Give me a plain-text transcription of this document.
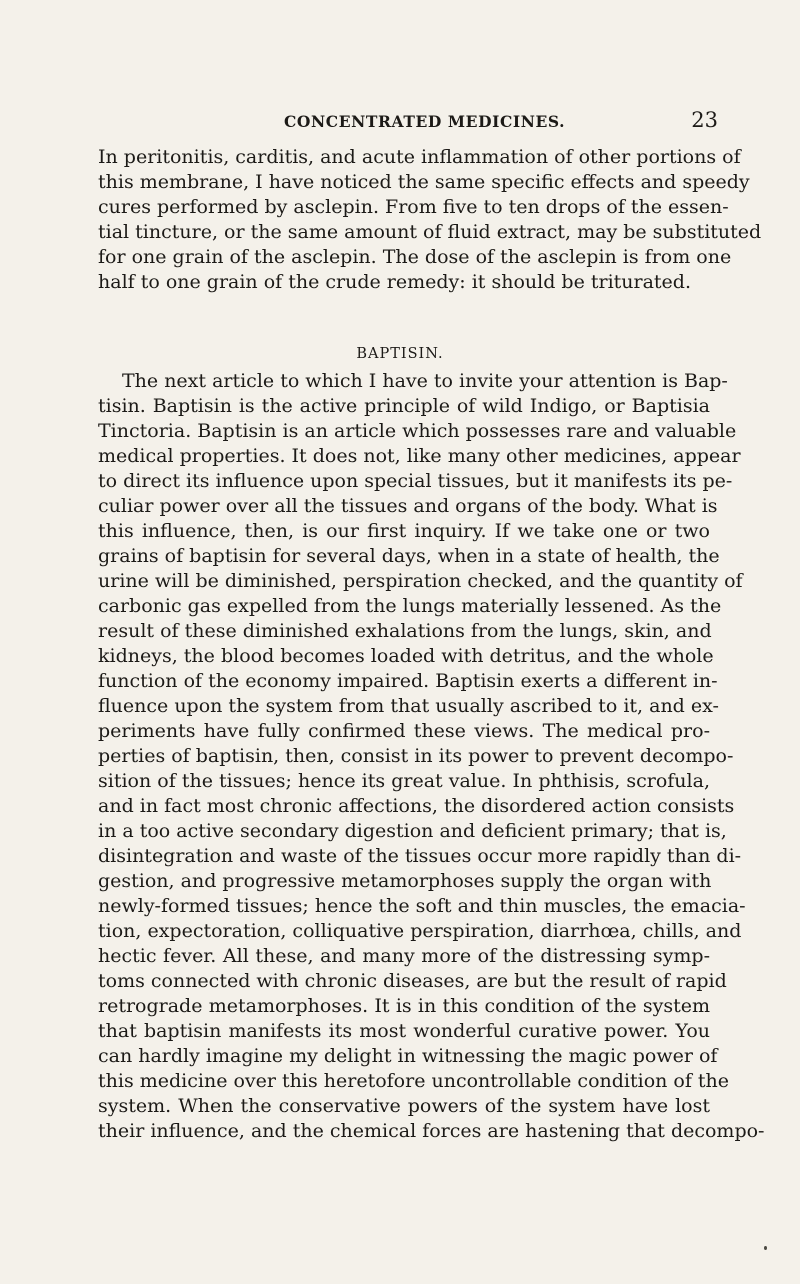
CONCENTRATED MEDICINES.	23
In peritonitis, carditis, and acute inflammation of other portions of
this membrane, I have noticed the same specific effects and speedy
cures performed by asclepin. From five to ten drops of the essen-
tial tincture, or the same amount of fluid extract, may be substituted
for one grain of the asclepin. The dose of the asclepin is from one
half to one grain of the crude remedy: it should be triturated.
BAPTISIN.
The next article to which I have to invite your attention is Bap-
tisin. Baptisin is the active principle of wild Indigo, or Baptisia
Tinctoria. Baptisin is an article which possesses rare and valuable
medical properties. It does not, like many other medicines, appear
to direct its influence upon special tissues, but it manifests its pe-
culiar power over all the tissues and organs of the body. What is
this influence, then, is our first inquiry. If we take one or two
grains of baptisin for several days, when in a state of health, the
urine will be diminished, perspiration checked, and the quantity of
carbonic gas expelled from the lungs materially lessened. As the
result of these diminished exhalations from the lungs, skin, and
kidneys, the blood becomes loaded with detritus, and the whole
function of the economy impaired. Baptisin exerts a different in-
fluence upon the system from that usually ascribed to it, and ex-
periments have fully confirmed these views. The medical pro-
perties of baptisin, then, consist in its power to prevent decompo-
sition of the tissues; hence its great value. In phthisis, scrofula,
and in fact most chronic affections, the disordered action consists
in a too active secondary digestion and deficient primary; that is,
disintegration and waste of the tissues occur more rapidly than di-
gestion, and progressive metamorphoses supply the organ with
newly-formed tissues; hence the soft and thin muscles, the emacia-
tion, expectoration, colliquative perspiration, diarrhœa, chills, and
hectic fever. All these, and many more of the distressing symp-
toms connected with chronic diseases, are but the result of rapid
retrograde metamorphoses. It is in this condition of the system
that baptisin manifests its most wonderful curative power. You
can hardly imagine my delight in witnessing the magic power of
this medicine over this heretofore uncontrollable condition of the
system. When the conservative powers of the system have lost
their influence, and the chemical forces are hastening that decompo-
